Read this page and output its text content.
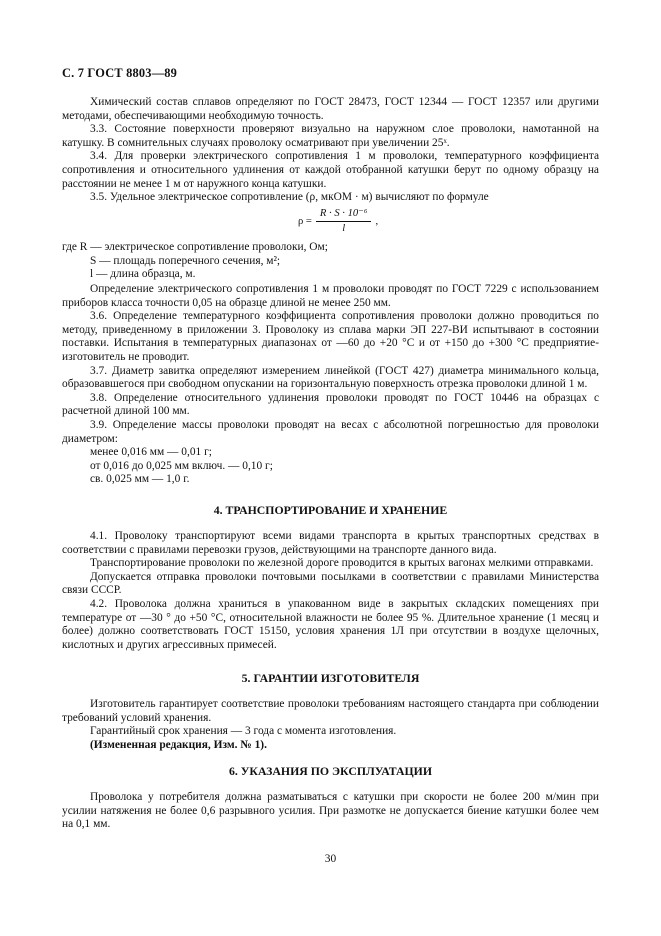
С. 7 ГОСТ 8803—89

Химический состав сплавов определяют по ГОСТ 28473, ГОСТ 12344 — ГОСТ 12357 или другими методами, обеспечивающими необходимую точность.

3.3. Состояние поверхности проверяют визуально на наружном слое проволоки, намотанной на катушку. В сомнительных случаях проволоку осматривают при увеличении 25ˣ.

3.4. Для проверки электрического сопротивления 1 м проволоки, температурного коэффициента сопротивления и относительного удлинения от каждой отобранной катушки берут по одному образцу на расстоянии не менее 1 м от наружного конца катушки.

3.5. Удельное электрическое сопротивление (ρ, мкОМ · м) вычисляют по формуле

$\rho = \frac{\text{R · S · 10⁻⁶}}{l}$ ,

где R — электрическое сопротивление проволоки, Ом;

S — площадь поперечного сечения, м²;

l — длина образца, м.

Определение электрического сопротивления 1 м проволоки проводят по ГОСТ 7229 с использованием приборов класса точности 0,05 на образце длиной не менее 250 мм.

3.6. Определение температурного коэффициента сопротивления проволоки должно проводиться по методу, приведенному в приложении 3. Проволоку из сплава марки ЭП 227-ВИ испытывают в состоянии поставки. Испытания в температурных диапазонах от —60 до +20 °С и от +150 до +300 °С предприятие-изготовитель не проводит.

3.7. Диаметр завитка определяют измерением линейкой (ГОСТ 427) диаметра минимального кольца, образовавшегося при свободном опускании на горизонтальную поверхность отрезка проволоки длиной 1 м.

3.8. Определение относительного удлинения проволоки проводят по ГОСТ 10446 на образцах с расчетной длиной 100 мм.

3.9. Определение массы проволоки проводят на весах с абсолютной погрешностью для проволоки диаметром:

менее 0,016 мм — 0,01 г;

от 0,016 до 0,025 мм включ. — 0,10 г;

св. 0,025 мм — 1,0 г.

4. ТРАНСПОРТИРОВАНИЕ И ХРАНЕНИЕ

4.1. Проволоку транспортируют всеми видами транспорта в крытых транспортных средствах в соответствии с правилами перевозки грузов, действующими на транспорте данного вида.

Транспортирование проволоки по железной дороге проводится в крытых вагонах мелкими отправками.

Допускается отправка проволоки почтовыми посылками в соответствии с правилами Министерства связи СССР.

4.2. Проволока должна храниться в упакованном виде в закрытых складских помещениях при температуре от —30 ° до +50 °С, относительной влажности не более 95 %. Длительное хранение (1 месяц и более) должно соответствовать ГОСТ 15150, условия хранения 1Л при отсутствии в воздухе щелочных, кислотных и других агрессивных примесей.

5. ГАРАНТИИ ИЗГОТОВИТЕЛЯ

Изготовитель гарантирует соответствие проволоки требованиям настоящего стандарта при соблюдении требований условий хранения.

Гарантийный срок хранения — 3 года с момента изготовления.

(Измененная редакция, Изм. № 1).

6. УКАЗАНИЯ ПО ЭКСПЛУАТАЦИИ

Проволока у потребителя должна разматываться с катушки при скорости не более 200 м/мин при усилии натяжения не более 0,6 разрывного усилия. При размотке не допускается биение катушки более чем на 0,1 мм.

30
